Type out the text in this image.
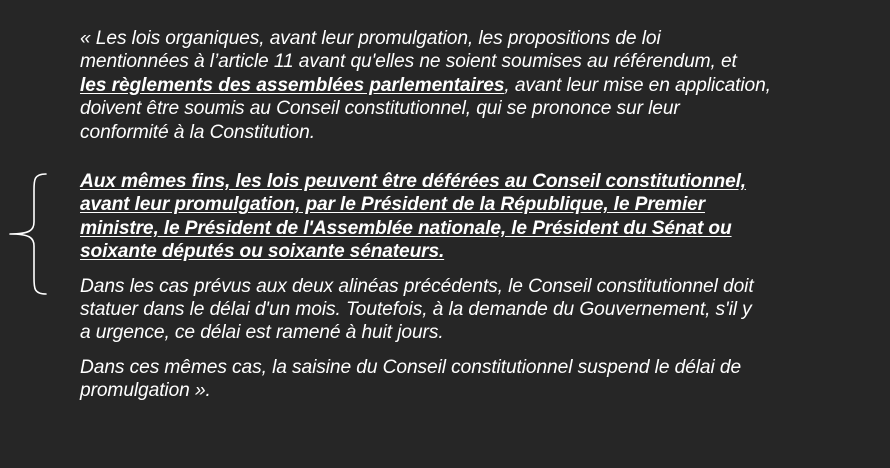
« Les lois organiques, avant leur promulgation, les propositions de loi
mentionnées à l’article 11 avant qu'elles ne soient soumises au référendum, et
les règlements des assemblées parlementaires, avant leur mise en application,
doivent être soumis au Conseil constitutionnel, qui se prononce sur leur
conformité à la Constitution.

Aux mêmes fins, les lois peuvent être déférées au Conseil constitutionnel,
avant leur promulgation, par le Président de la République, le Premier
ministre, le Président de l'Assemblée nationale, le Président du Sénat ou
soixante députés ou soixante sénateurs.

Dans les cas prévus aux deux alinéas précédents, le Conseil constitutionnel doit
statuer dans le délai d'un mois. Toutefois, à la demande du Gouvernement, s'il y
a urgence, ce délai est ramené à huit jours.

Dans ces mêmes cas, la saisine du Conseil constitutionnel suspend le délai de
promulgation ».
